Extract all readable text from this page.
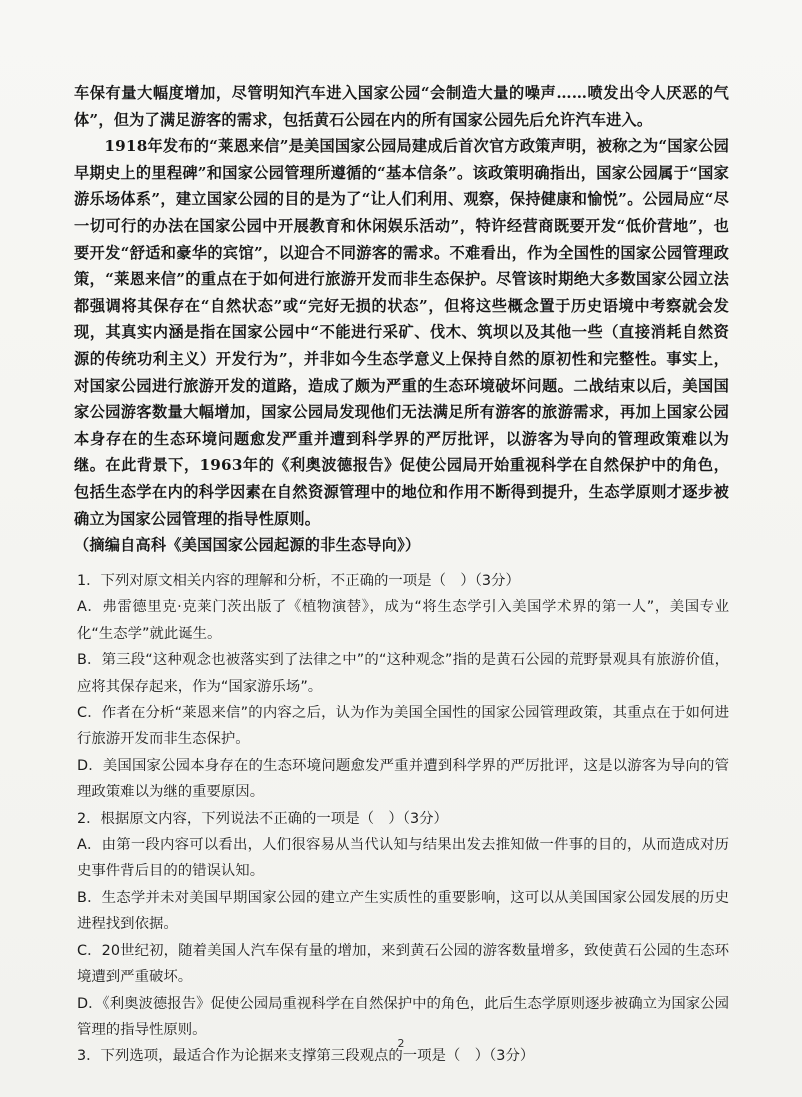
车保有量大幅度增加，尽管明知汽车进入国家公园“会制造大量的噪声……喷发出令人厌恶的气体”，但为了满足游客的需求，包括黄石公园在内的所有国家公园先后允许汽车进入。

1918年发布的“莱恩来信”是美国国家公园局建成后首次官方政策声明，被称之为“国家公园早期史上的里程碑”和国家公园管理所遵循的“基本信条”。该政策明确指出，国家公园属于“国家游乐场体系”，建立国家公园的目的是为了“让人们利用、观察，保持健康和愉悦”。公园局应“尽一切可行的办法在国家公园中开展教育和休闲娱乐活动”，特许经营商既要开发“低价营地”，也要开发“舒适和豪华的宾馆”，以迎合不同游客的需求。不难看出，作为全国性的国家公园管理政策，“莱恩来信”的重点在于如何进行旅游开发而非生态保护。尽管该时期绝大多数国家公园立法都强调将其保存在“自然状态”或“完好无损的状态”，但将这些概念置于历史语境中考察就会发现，其真实内涵是指在国家公园中“不能进行采矿、伐木、筑坝以及其他一些（直接消耗自然资源的传统功利主义）开发行为”，并非如今生态学意义上保持自然的原初性和完整性。事实上，对国家公园进行旅游开发的道路，造成了颇为严重的生态环境破坏问题。二战结束以后，美国国家公园游客数量大幅增加，国家公园局发现他们无法满足所有游客的旅游需求，再加上国家公园本身存在的生态环境问题愈发严重并遭到科学界的严厉批评，以游客为导向的管理政策难以为继。在此背景下，1963年的《利奥波德报告》促使公园局开始重视科学在自然保护中的角色，包括生态学在内的科学因素在自然资源管理中的地位和作用不断得到提升，生态学原则才逐步被确立为国家公园管理的指导性原则。

（摘编自高科《美国国家公园起源的非生态导向》）

1．下列对原文相关内容的理解和分析，不正确的一项是（　）（3分）

A．弗雷德里克·克莱门茨出版了《植物演替》，成为“将生态学引入美国学术界的第一人”，美国专业化“生态学”就此诞生。

B．第三段“这种观念也被落实到了法律之中”的“这种观念”指的是黄石公园的荒野景观具有旅游价值，应将其保存起来，作为“国家游乐场”。

C．作者在分析“莱恩来信”的内容之后，认为作为美国全国性的国家公园管理政策，其重点在于如何进行旅游开发而非生态保护。

D．美国国家公园本身存在的生态环境问题愈发严重并遭到科学界的严厉批评，这是以游客为导向的管理政策难以为继的重要原因。

2．根据原文内容，下列说法不正确的一项是（　）（3分）

A．由第一段内容可以看出，人们很容易从当代认知与结果出发去推知做一件事的目的，从而造成对历史事件背后目的的错误认知。

B．生态学并未对美国早期国家公园的建立产生实质性的重要影响，这可以从美国国家公园发展的历史进程找到依据。

C．20世纪初，随着美国人汽车保有量的增加，来到黄石公园的游客数量增多，致使黄石公园的生态环境遭到严重破坏。

D．《利奥波德报告》促使公园局重视科学在自然保护中的角色，此后生态学原则逐步被确立为国家公园管理的指导性原则。

3．下列选项，最适合作为论据来支撑第三段观点的一项是（　）（3分）

2
